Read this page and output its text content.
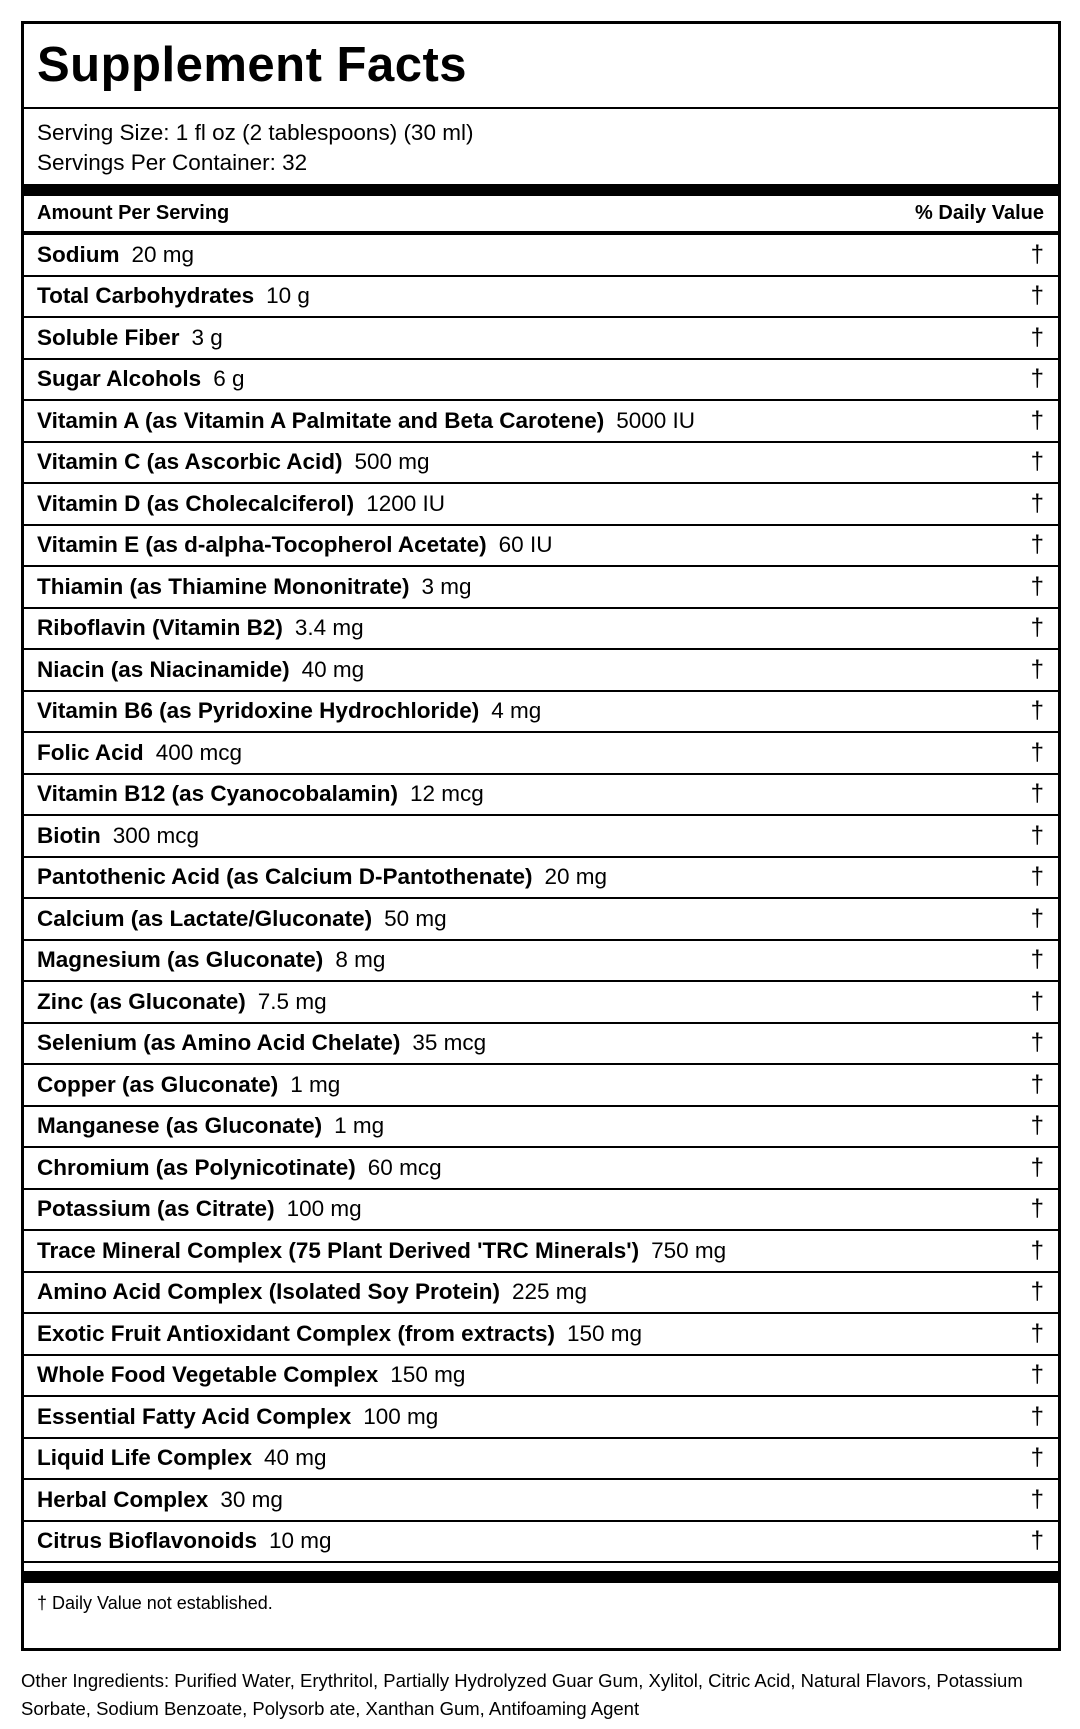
Supplement Facts
Serving Size: 1 fl oz (2 tablespoons) (30 ml)
Servings Per Container: 32
Amount Per Serving	% Daily Value
Sodium 20 mg	†
Total Carbohydrates 10 g	†
Soluble Fiber 3 g	†
Sugar Alcohols 6 g	†
Vitamin A (as Vitamin A Palmitate and Beta Carotene) 5000 IU	†
Vitamin C (as Ascorbic Acid) 500 mg	†
Vitamin D (as Cholecalciferol) 1200 IU	†
Vitamin E (as d-alpha-Tocopherol Acetate) 60 IU	†
Thiamin (as Thiamine Mononitrate) 3 mg	†
Riboflavin (Vitamin B2) 3.4 mg	†
Niacin (as Niacinamide) 40 mg	†
Vitamin B6 (as Pyridoxine Hydrochloride) 4 mg	†
Folic Acid 400 mcg	†
Vitamin B12 (as Cyanocobalamin) 12 mcg	†
Biotin 300 mcg	†
Pantothenic Acid (as Calcium D-Pantothenate) 20 mg	†
Calcium (as Lactate/Gluconate) 50 mg	†
Magnesium (as Gluconate) 8 mg	†
Zinc (as Gluconate) 7.5 mg	†
Selenium (as Amino Acid Chelate) 35 mcg	†
Copper (as Gluconate) 1 mg	†
Manganese (as Gluconate) 1 mg	†
Chromium (as Polynicotinate) 60 mcg	†
Potassium (as Citrate) 100 mg	†
Trace Mineral Complex (75 Plant Derived 'TRC Minerals') 750 mg	†
Amino Acid Complex (Isolated Soy Protein) 225 mg	†
Exotic Fruit Antioxidant Complex (from extracts) 150 mg	†
Whole Food Vegetable Complex 150 mg	†
Essential Fatty Acid Complex 100 mg	†
Liquid Life Complex 40 mg	†
Herbal Complex 30 mg	†
Citrus Bioflavonoids 10 mg	†
† Daily Value not established.
Other Ingredients: Purified Water, Erythritol, Partially Hydrolyzed Guar Gum, Xylitol, Citric Acid, Natural Flavors, Potassium Sorbate, Sodium Benzoate, Polysorb ate, Xanthan Gum, Antifoaming Agent
